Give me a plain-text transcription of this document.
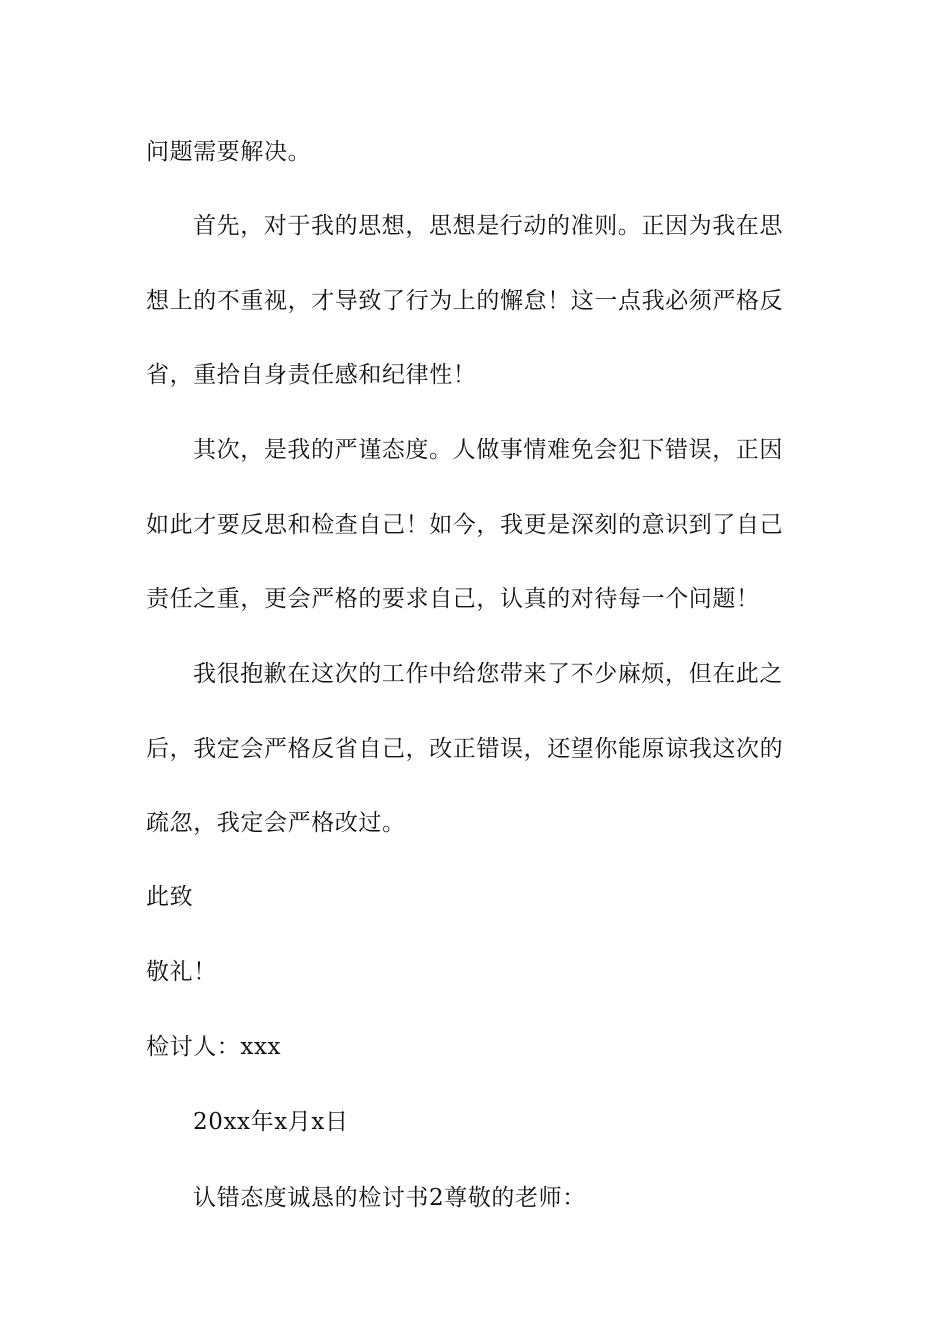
问题需要解决。
首先，对于我的思想，思想是行动的准则。正因为我在思
想上的不重视，才导致了行为上的懈怠！这一点我必须严格反
省，重拾自身责任感和纪律性！
其次，是我的严谨态度。人做事情难免会犯下错误，正因
如此才要反思和检查自己！如今，我更是深刻的意识到了自己
责任之重，更会严格的要求自己，认真的对待每一个问题！
我很抱歉在这次的工作中给您带来了不少麻烦，但在此之
后，我定会严格反省自己，改正错误，还望你能原谅我这次的
疏忽，我定会严格改过。
此致
敬礼！
检讨人：xxx
20xx年x月x日
认错态度诚恳的检讨书2尊敬的老师：
